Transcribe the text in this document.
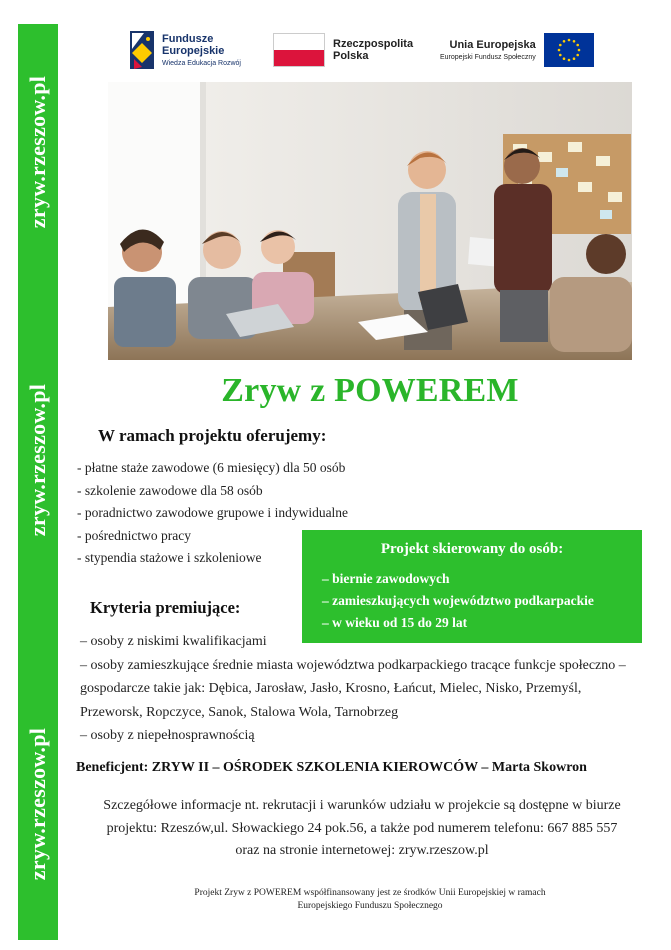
zryw.rzeszow.pl
zryw.rzeszow.pl
zryw.rzeszow.pl
Fundusze
Europejskie
Wiedza Edukacja Rozwój
Rzeczpospolita
Polska
Unia Europejska
Europejski Fundusz Społeczny
Zryw z POWEREM
W ramach projektu oferujemy:
- płatne staże zawodowe (6 miesięcy) dla 50 osób
- szkolenie zawodowe dla 58 osób
- poradnictwo zawodowe grupowe i indywidualne
- pośrednictwo pracy
- stypendia stażowe i szkoleniowe
Projekt skierowany do osób:
– biernie zawodowych
– zamieszkujących województwo podkarpackie
– w wieku od 15 do 29 lat
Kryteria premiujące:
– osoby z niskimi kwalifikacjami
– osoby zamieszkujące średnie miasta województwa podkarpackiego tracące funkcje społeczno – gospodarcze takie jak: Dębica, Jarosław, Jasło, Krosno, Łańcut, Mielec, Nisko, Przemyśl, Przeworsk, Ropczyce, Sanok, Stalowa Wola, Tarnobrzeg
– osoby z niepełnosprawnością
Beneficjent: ZRYW II – OŚRODEK SZKOLENIA KIEROWCÓW – Marta Skowron
Szczegółowe informacje nt. rekrutacji i warunków udziału w projekcie są dostępne w biurze
projektu: Rzeszów,ul. Słowackiego 24 pok.56, a także pod numerem telefonu: 667 885 557
oraz na stronie internetowej: zryw.rzeszow.pl
Projekt Zryw z POWEREM współfinansowany jest ze środków Unii Europejskiej w ramach
Europejskiego Funduszu Społecznego
